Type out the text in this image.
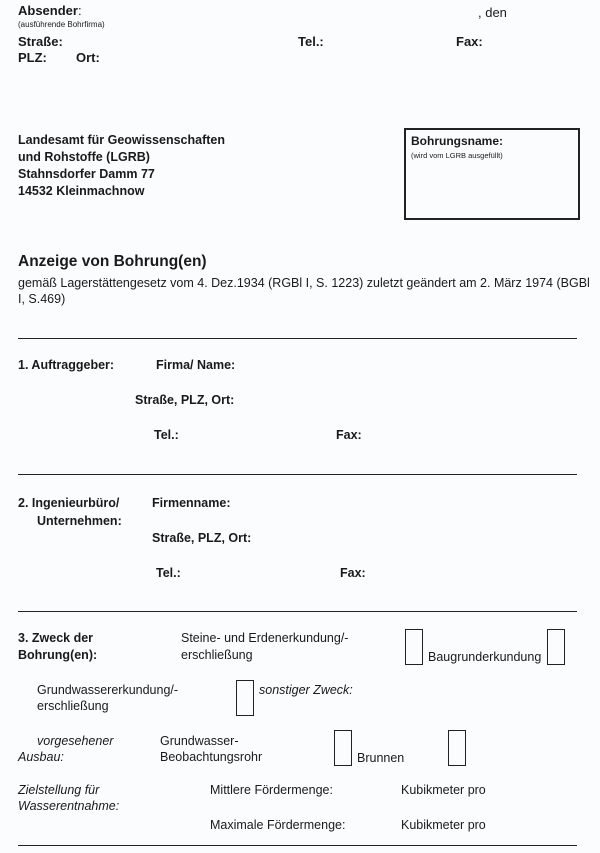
Absender:
(ausführende Bohrfirma)
, den
Straße:	Tel.:	Fax:
PLZ: Ort:
Landesamt für Geowissenschaften
und Rohstoffe (LGRB)
Stahnsdorfer Damm 77
14532 Kleinmachnow
Bohrungsname:
(wird vom LGRB ausgefüllt)
Anzeige von Bohrung(en)
gemäß Lagerstättengesetz vom 4. Dez.1934 (RGBl I, S. 1223) zuletzt geändert am 2. März 1974 (BGBl
I, S.469)
1. Auftraggeber:	Firma/ Name:
Straße, PLZ, Ort:
Tel.:	Fax:
2. Ingenieurbüro/
Unternehmen:
Firmenname:
Straße, PLZ, Ort:
Tel.:	Fax:
3. Zweck der
Bohrung(en):
Steine- und Erdenerkundung/-
erschließung	Baugrunderkundung
Grundwassererkundung/-
erschließung
sonstiger Zweck:
vorgesehener
Ausbau:
Grundwasser-
Beobachtungsrohr	Brunnen
Zielstellung für
Wasserentnahme:
Mittlere Fördermenge:	Kubikmeter pro
Maximale Fördermenge:	Kubikmeter pro
